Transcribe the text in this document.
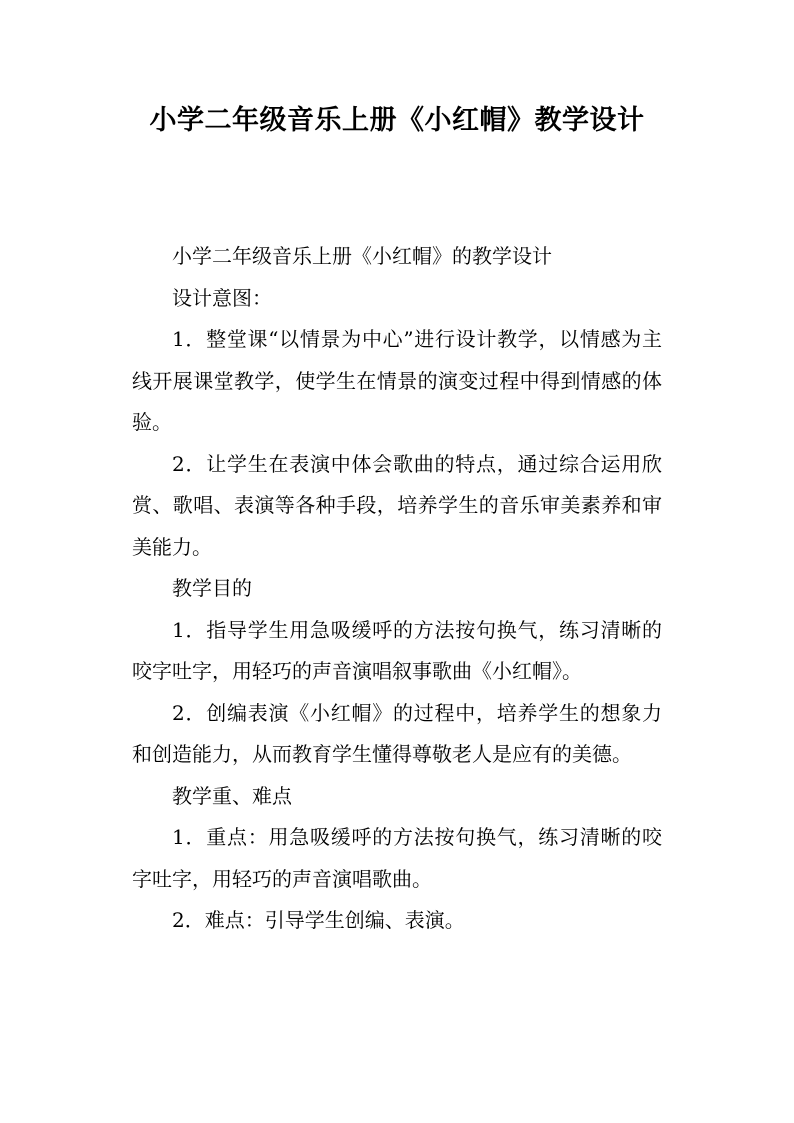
小学二年级音乐上册《小红帽》教学设计

小学二年级音乐上册《小红帽》的教学设计

设计意图：

1．整堂课“以情景为中心”进行设计教学，以情感为主线开展课堂教学，使学生在情景的演变过程中得到情感的体验。

2．让学生在表演中体会歌曲的特点，通过综合运用欣赏、歌唱、表演等各种手段，培养学生的音乐审美素养和审美能力。

教学目的

1．指导学生用急吸缓呼的方法按句换气，练习清晰的咬字吐字，用轻巧的声音演唱叙事歌曲《小红帽》。

2．创编表演《小红帽》的过程中，培养学生的想象力和创造能力，从而教育学生懂得尊敬老人是应有的美德。

教学重、难点

1．重点：用急吸缓呼的方法按句换气，练习清晰的咬字吐字，用轻巧的声音演唱歌曲。

2．难点：引导学生创编、表演。
